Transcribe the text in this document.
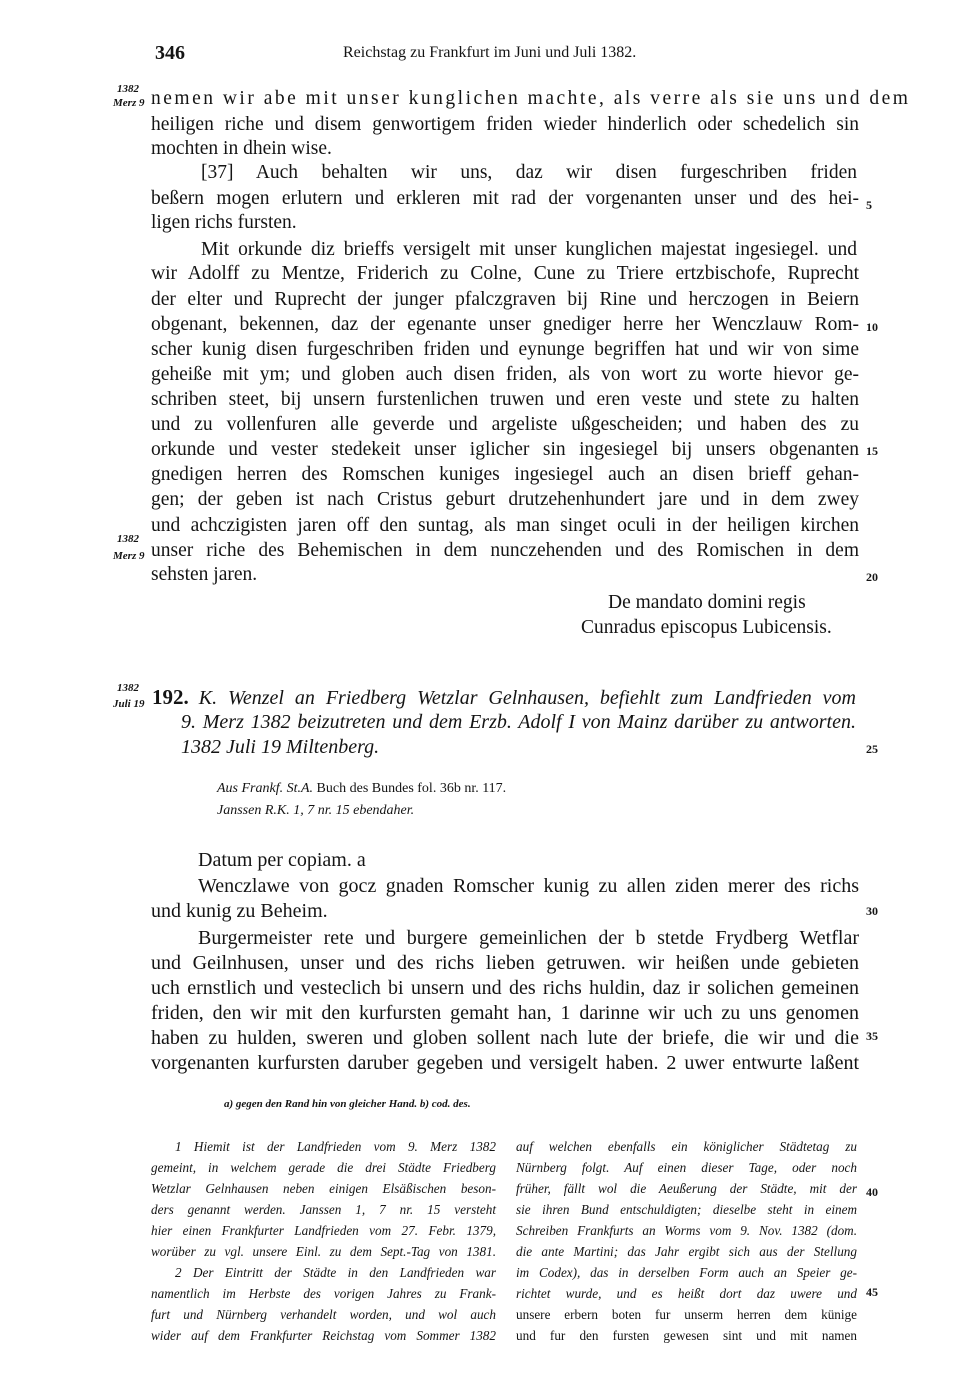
346	Reichstag zu Frankfurt im Juni und Juli 1382.
1382
Merz 9
1382
Merz 9
1382
Juli 19
5
10
15
20
25
30
35
40
45
nemen wir abe mit unser kunglichen machte, als verre als sie uns und dem
heiligen riche und disem genwortigem friden wieder hinderlich oder schedelich sin
mochten in dhein wise.
[37] Auch behalten wir uns, daz wir disen furgeschriben friden
beßern mogen erlutern und erkleren mit rad der vorgenanten unser und des hei-
ligen richs fursten.
Mit orkunde diz brieffs versigelt mit unser kunglichen majestat ingesiegel. und
wir Adolff zu Mentze, Friderich zu Colne, Cune zu Triere ertzbischofe, Ruprecht
der elter und Ruprecht der junger pfalczgraven bij Rine und herczogen in Beiern
obgenant, bekennen, daz der egenante unser gnediger herre her Wenczlauw Rom-
scher kunig disen furgeschriben friden und eynunge begriffen hat und wir von sime
geheiße mit ym; und globen auch disen friden, als von wort zu worte hievor ge-
schriben steet, bij unsern furstenlichen truwen und eren veste und stete zu halten
und zu vollenfuren alle geverde und argeliste ußgescheiden; und haben des zu
orkunde und vester stedekeit unser iglicher sin ingesiegel bij unsers obgenanten
gnedigen herren des Romschen kuniges ingesiegel auch an disen brieff gehan-
gen; der geben ist nach Cristus geburt drutzehenhundert jare und in dem zwey
und achczigisten jaren off den suntag, als man singet oculi in der heiligen kirchen
unser riche des Behemischen in dem nunczehenden und des Romischen in dem
sehsten jaren.
De mandato domini regis
Cunradus episcopus Lubicensis.
192. K. Wenzel an Friedberg Wetzlar Gelnhausen, befiehlt zum Landfrieden vom
9. Merz 1382 beizutreten und dem Erzb. Adolf I von Mainz darüber zu antworten.
1382 Juli 19 Miltenberg.
Aus Frankf. St.A. Buch des Bundes fol. 36b nr. 117.
Janssen R.K. 1, 7 nr. 15 ebendaher.
Datum per copiam. a
Wenczlawe von gocz gnaden Romscher kunig zu allen ziden merer des richs
und kunig zu Beheim.
Burgermeister rete und burgere gemeinlichen der b stetde Frydberg Wetflar
und Geilnhusen, unser und des richs lieben getruwen. wir heißen unde gebieten
uch ernstlich und vesteclich bi unsern und des richs huldin, daz ir solichen gemeinen
friden, den wir mit den kurfursten gemaht han, 1 darinne wir uch zu uns genomen
haben zu hulden, sweren und globen sollent nach lute der briefe, die wir und die
vorgenanten kurfursten daruber gegeben und versigelt haben. 2 uwer entwurte laßent
a) gegen den Rand hin von gleicher Hand. b) cod. des.
1 Hiemit ist der Landfrieden vom 9. Merz 1382
gemeint, in welchem gerade die drei Städte Friedberg
Wetzlar Gelnhausen neben einigen Elsäßischen beson-
ders genannt werden. Janssen 1, 7 nr. 15 versteht
hier einen Frankfurter Landfrieden vom 27. Febr. 1379,
worüber zu vgl. unsere Einl. zu dem Sept.-Tag von 1381.
2 Der Eintritt der Städte in den Landfrieden war
namentlich im Herbste des vorigen Jahres zu Frank-
furt und Nürnberg verhandelt worden, und wol auch
wider auf dem Frankfurter Reichstag vom Sommer 1382
auf welchen ebenfalls ein königlicher Städtetag zu
Nürnberg folgt. Auf einen dieser Tage, oder noch
früher, fällt wol die Aeußerung der Städte, mit der
sie ihren Bund entschuldigten; dieselbe steht in einem
Schreiben Frankfurts an Worms vom 9. Nov. 1382 (dom.
die ante Martini; das Jahr ergibt sich aus der Stellung
im Codex), das in derselben Form auch an Speier ge-
richtet wurde, und es heißt dort daz uwere und
unsere erbern boten fur unserm herren dem künige
und fur den fursten gewesen sint und mit namen
